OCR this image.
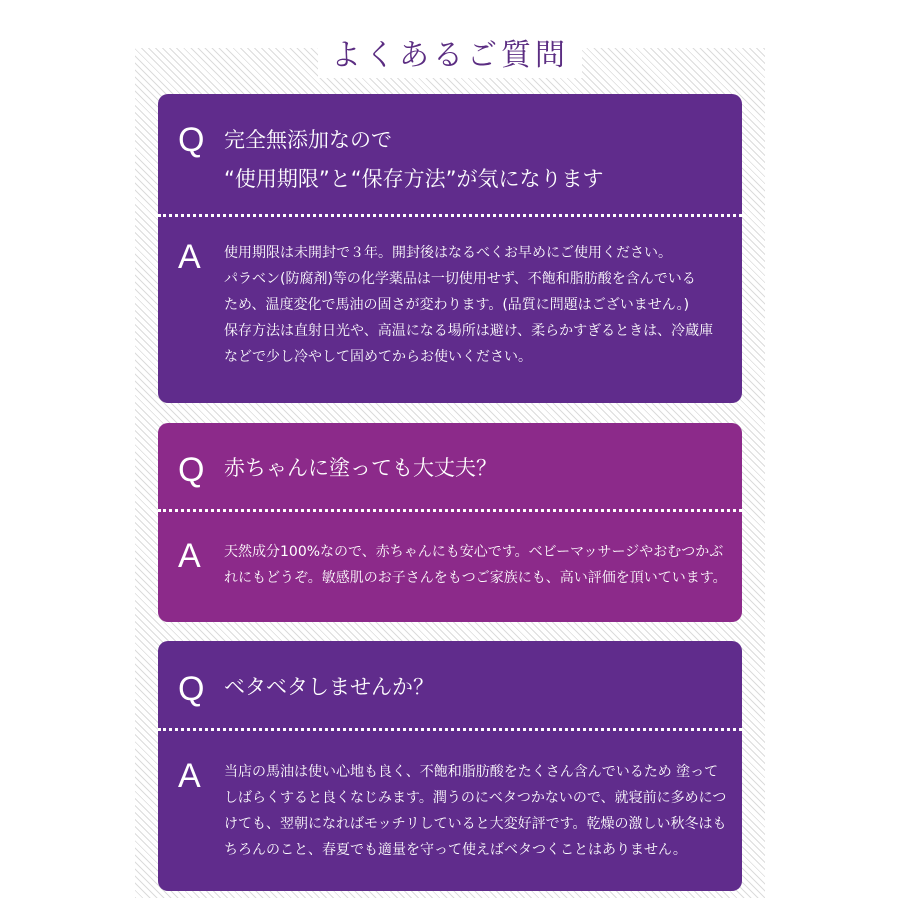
よくあるご質問
Q 完全無添加なので
“使用期限”と“保存方法”が気になります
A 使用期限は未開封で３年。開封後はなるべくお早めにご使用ください。
パラベン(防腐剤)等の化学薬品は一切使用せず、不飽和脂肪酸を含んでいる
ため、温度変化で馬油の固さが変わります。(品質に問題はございません。)
保存方法は直射日光や、高温になる場所は避け、柔らかすぎるときは、冷蔵庫
などで少し冷やして固めてからお使いください。
Q 赤ちゃんに塗っても大丈夫？
A 天然成分100%なので、赤ちゃんにも安心です。ベビーマッサージやおむつかぶ
れにもどうぞ。敏感肌のお子さんをもつご家族にも、高い評価を頂いています。
Q ベタベタしませんか？
A 当店の馬油は使い心地も良く、不飽和脂肪酸をたくさん含んでいるため 塗って
しばらくすると良くなじみます。潤うのにベタつかないので、就寝前に多めにつ
けても、翌朝になればモッチリしていると大変好評です。乾燥の激しい秋冬はも
ちろんのこと、春夏でも適量を守って使えばベタつくことはありません。
